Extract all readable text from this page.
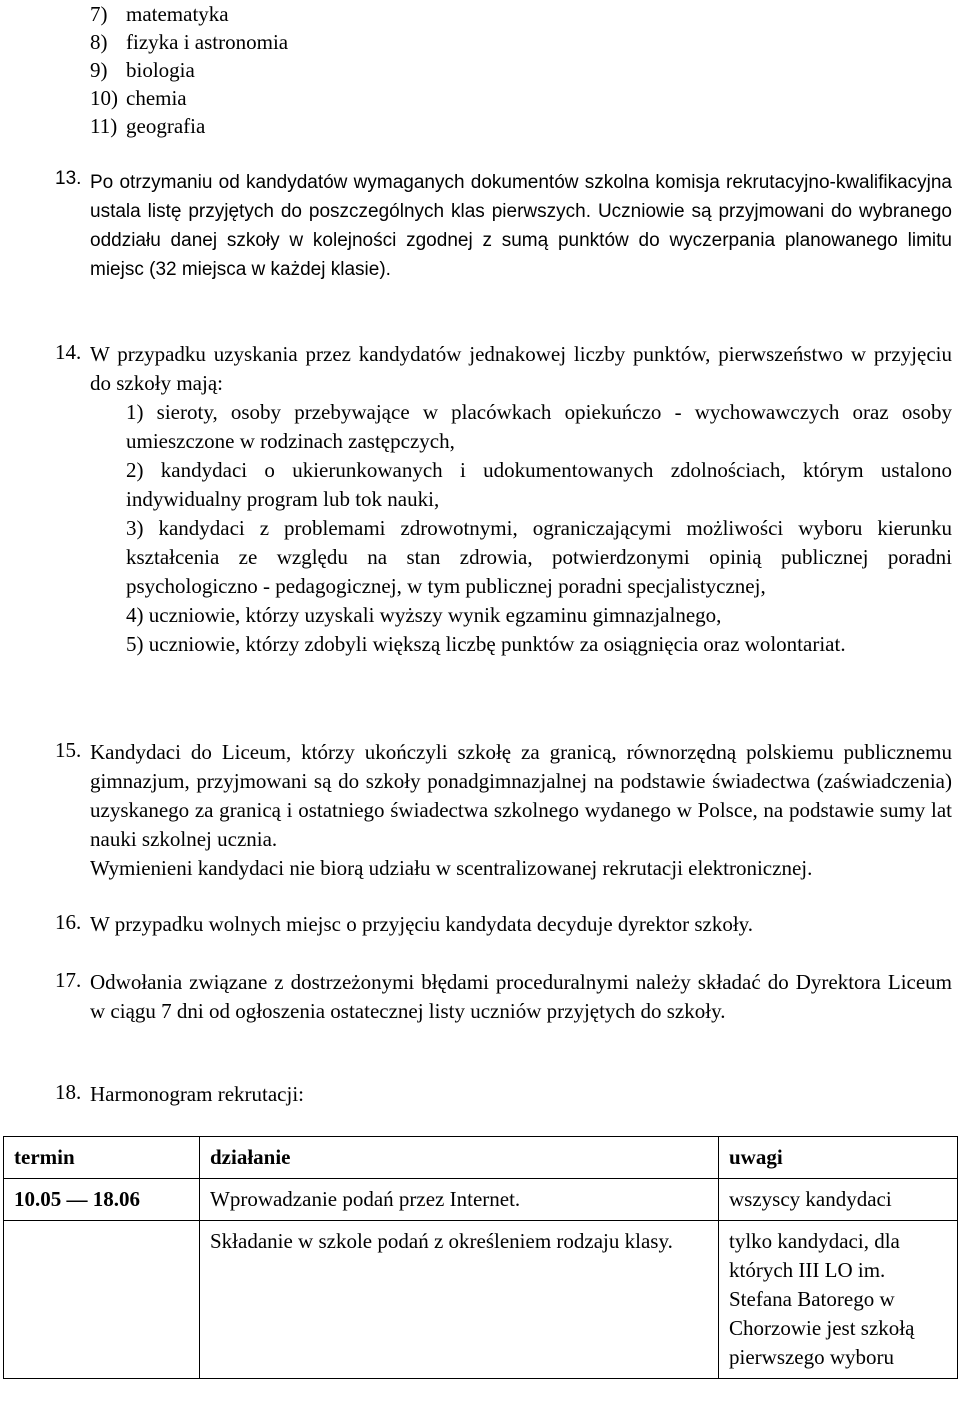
7) matematyka
8) fizyka i astronomia
9) biologia
10) chemia
11) geografia
13. Po otrzymaniu od kandydatów wymaganych dokumentów szkolna komisja rekrutacyjno-kwalifikacyjna ustala listę przyjętych do poszczególnych klas pierwszych. Uczniowie są przyjmowani do wybranego oddziału danej szkoły w kolejności zgodnej z sumą punktów do wyczerpania planowanego limitu miejsc (32 miejsca w każdej klasie).
14. W przypadku uzyskania przez kandydatów jednakowej liczby punktów, pierwszeństwo w przyjęciu do szkoły mają:

1) sieroty, osoby przebywające w placówkach opiekuńczo - wychowawczych oraz osoby umieszczone w rodzinach zastępczych,

2) kandydaci o ukierunkowanych i udokumentowanych zdolnościach, którym ustalono indywidualny program lub tok nauki,

3) kandydaci z problemami zdrowotnymi, ograniczającymi możliwości wyboru kierunku kształcenia ze względu na stan zdrowia, potwierdzonymi opinią publicznej poradni psychologiczno - pedagogicznej, w tym publicznej poradni specjalistycznej,

4) uczniowie, którzy uzyskali wyższy wynik egzaminu gimnazjalnego,

5) uczniowie, którzy zdobyli większą liczbę punktów za osiągnięcia oraz wolontariat.

15. Kandydaci do Liceum, którzy ukończyli szkołę za granicą, równorzędną polskiemu publicznemu gimnazjum, przyjmowani są do szkoły ponadgimnazjalnej na podstawie świadectwa (zaświadczenia) uzyskanego za granicą i ostatniego świadectwa szkolnego wydanego w Polsce, na podstawie sumy lat nauki szkolnej ucznia.
Wymienieni kandydaci nie biorą udziału w scentralizowanej rekrutacji elektronicznej.
16. W przypadku wolnych miejsc o przyjęciu kandydata decyduje dyrektor szkoły.
17. Odwołania związane z dostrzeżonymi błędami proceduralnymi należy składać do Dyrektora Liceum w ciągu 7 dni od ogłoszenia ostatecznej listy uczniów przyjętych do szkoły.
18. Harmonogram rekrutacji:
termin	działanie	uwagi
10.05 — 18.06	Wprowadzanie podań przez Internet.	wszyscy kandydaci
	Składanie w szkole podań z określeniem rodzaju klasy.	tylko kandydaci, dla których III LO im. Stefana Batorego w Chorzowie jest szkołą pierwszego wyboru
